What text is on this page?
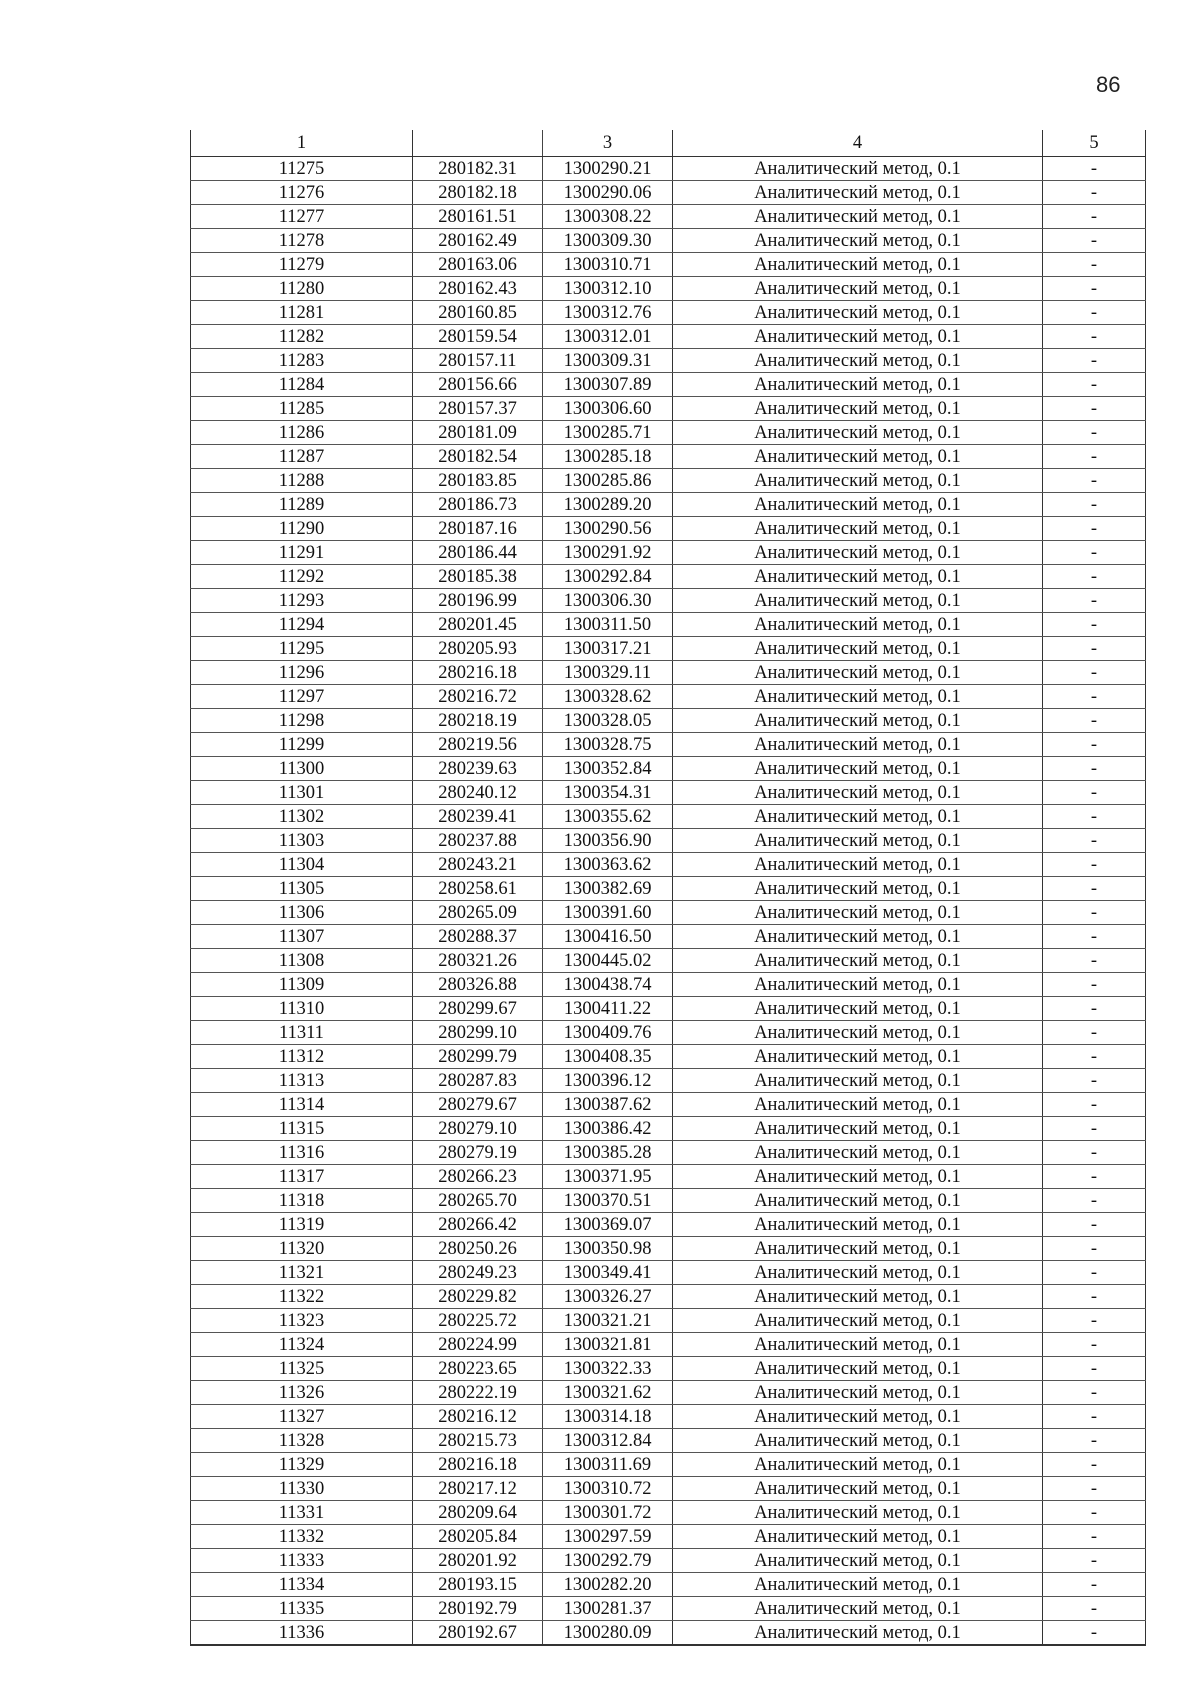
86
1		3	4	5
11275	280182.31	1300290.21	Аналитический метод, 0.1	-
11276	280182.18	1300290.06	Аналитический метод, 0.1	-
11277	280161.51	1300308.22	Аналитический метод, 0.1	-
11278	280162.49	1300309.30	Аналитический метод, 0.1	-
11279	280163.06	1300310.71	Аналитический метод, 0.1	-
11280	280162.43	1300312.10	Аналитический метод, 0.1	-
11281	280160.85	1300312.76	Аналитический метод, 0.1	-
11282	280159.54	1300312.01	Аналитический метод, 0.1	-
11283	280157.11	1300309.31	Аналитический метод, 0.1	-
11284	280156.66	1300307.89	Аналитический метод, 0.1	-
11285	280157.37	1300306.60	Аналитический метод, 0.1	-
11286	280181.09	1300285.71	Аналитический метод, 0.1	-
11287	280182.54	1300285.18	Аналитический метод, 0.1	-
11288	280183.85	1300285.86	Аналитический метод, 0.1	-
11289	280186.73	1300289.20	Аналитический метод, 0.1	-
11290	280187.16	1300290.56	Аналитический метод, 0.1	-
11291	280186.44	1300291.92	Аналитический метод, 0.1	-
11292	280185.38	1300292.84	Аналитический метод, 0.1	-
11293	280196.99	1300306.30	Аналитический метод, 0.1	-
11294	280201.45	1300311.50	Аналитический метод, 0.1	-
11295	280205.93	1300317.21	Аналитический метод, 0.1	-
11296	280216.18	1300329.11	Аналитический метод, 0.1	-
11297	280216.72	1300328.62	Аналитический метод, 0.1	-
11298	280218.19	1300328.05	Аналитический метод, 0.1	-
11299	280219.56	1300328.75	Аналитический метод, 0.1	-
11300	280239.63	1300352.84	Аналитический метод, 0.1	-
11301	280240.12	1300354.31	Аналитический метод, 0.1	-
11302	280239.41	1300355.62	Аналитический метод, 0.1	-
11303	280237.88	1300356.90	Аналитический метод, 0.1	-
11304	280243.21	1300363.62	Аналитический метод, 0.1	-
11305	280258.61	1300382.69	Аналитический метод, 0.1	-
11306	280265.09	1300391.60	Аналитический метод, 0.1	-
11307	280288.37	1300416.50	Аналитический метод, 0.1	-
11308	280321.26	1300445.02	Аналитический метод, 0.1	-
11309	280326.88	1300438.74	Аналитический метод, 0.1	-
11310	280299.67	1300411.22	Аналитический метод, 0.1	-
11311	280299.10	1300409.76	Аналитический метод, 0.1	-
11312	280299.79	1300408.35	Аналитический метод, 0.1	-
11313	280287.83	1300396.12	Аналитический метод, 0.1	-
11314	280279.67	1300387.62	Аналитический метод, 0.1	-
11315	280279.10	1300386.42	Аналитический метод, 0.1	-
11316	280279.19	1300385.28	Аналитический метод, 0.1	-
11317	280266.23	1300371.95	Аналитический метод, 0.1	-
11318	280265.70	1300370.51	Аналитический метод, 0.1	-
11319	280266.42	1300369.07	Аналитический метод, 0.1	-
11320	280250.26	1300350.98	Аналитический метод, 0.1	-
11321	280249.23	1300349.41	Аналитический метод, 0.1	-
11322	280229.82	1300326.27	Аналитический метод, 0.1	-
11323	280225.72	1300321.21	Аналитический метод, 0.1	-
11324	280224.99	1300321.81	Аналитический метод, 0.1	-
11325	280223.65	1300322.33	Аналитический метод, 0.1	-
11326	280222.19	1300321.62	Аналитический метод, 0.1	-
11327	280216.12	1300314.18	Аналитический метод, 0.1	-
11328	280215.73	1300312.84	Аналитический метод, 0.1	-
11329	280216.18	1300311.69	Аналитический метод, 0.1	-
11330	280217.12	1300310.72	Аналитический метод, 0.1	-
11331	280209.64	1300301.72	Аналитический метод, 0.1	-
11332	280205.84	1300297.59	Аналитический метод, 0.1	-
11333	280201.92	1300292.79	Аналитический метод, 0.1	-
11334	280193.15	1300282.20	Аналитический метод, 0.1	-
11335	280192.79	1300281.37	Аналитический метод, 0.1	-
11336	280192.67	1300280.09	Аналитический метод, 0.1	-
